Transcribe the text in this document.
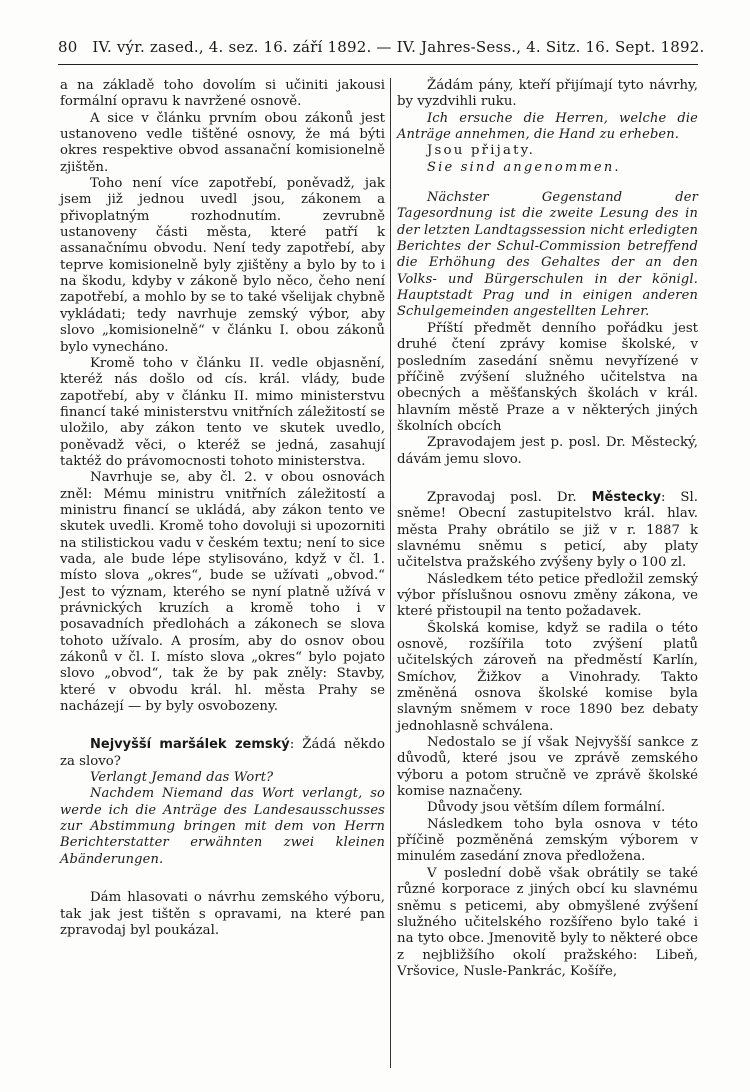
80 IV. výr. zased., 4. sez. 16. září 1892. — IV. Jahres-Sess., 4. Sitz. 16. Sept. 1892.

a na základě toho dovolím si učiniti jakousi formální opravu k navržené osnově.

A sice v článku prvním obou zákonů jest ustanoveno vedle tištěné osnovy, že má býti okres respektive obvod assanační komisionelně zjištěn.

Toho není více zapotřebí, poněvadž, jak jsem již jednou uvedl jsou, zákonem a přivoplatným rozhodnutím. zevrubně ustanoveny části města, které patří k assanačnímu obvodu. Není tedy zapotřebí, aby teprve komisionelně byly zjištěny a bylo by to i na škodu, kdyby v zákoně bylo něco, čeho není zapotřebí, a mohlo by se to také všelijak chybně vykládati; tedy navrhuje zemský výbor, aby slovo „komisionelně“ v článku I. obou zákonů bylo vynecháno.

Kromě toho v článku II. vedle objasnění, kteréž nás došlo od cís. král. vlády, bude zapotřebí, aby v článku II. mimo ministerstvu financí také ministerstvu vnitřních záležitostí se uložilo, aby zákon tento ve skutek uvedlo, poněvadž věci, o kteréž se jedná, zasahují taktéž do právomocnosti tohoto ministerstva.

Navrhuje se, aby čl. 2. v obou osnovách zněl: Mému ministru vnitřních záležitostí a ministru financí se ukládá, aby zákon tento ve skutek uvedli. Kromě toho dovoluji si upozorniti na stilistickou vadu v českém textu; není to sice vada, ale bude lépe stylisováno, když v čl. 1. místo slova „okres“, bude se užívati „obvod.“ Jest to význam, kterého se nyní platně užívá v právnických kruzích a kromě toho i v posavadních předlohách a zákonech se slova tohoto užívalo. A prosím, aby do osnov obou zákonů v čl. I. místo slova „okres“ bylo pojato slovo „obvod“, tak že by pak zněly: Stavby, které v obvodu král. hl. města Prahy se nacházejí — by byly osvobozeny.

Nejvyšší maršálek zemský: Žádá někdo za slovo?

Verlangt Jemand das Wort?

Nachdem Niemand das Wort verlangt, so werde ich die Anträge des Landesausschusses zur Abstimmung bringen mit dem von Herrn Berichterstatter erwähnten zwei kleinen Abänderungen.

Dám hlasovati o návrhu zemského výboru, tak jak jest tištěn s opravami, na které pan zpravodaj byl poukázal.

Žádám pány, kteří přijímají tyto návrhy, by vyzdvihli ruku.

Ich ersuche die Herren, welche die Anträge annehmen, die Hand zu erheben.

Jsou přijaty.

Sie sind angenommen.

Nächster Gegenstand der Tagesordnung ist die zweite Lesung des in der letzten Landtagssession nicht erledigten Berichtes der Schul-Commission betreffend die Erhöhung des Gehaltes der an den Volks- und Bürgerschulen in der königl. Hauptstadt Prag und in einigen anderen Schulgemeinden angestellten Lehrer.

Příští předmět denního pořádku jest druhé čtení zprávy komise školské, v posledním zasedání sněmu nevyřízené v příčině zvýšení služného učitelstva na obecných a měšťanských školách v král. hlavním městě Praze a v některých jiných školních obcích

Zpravodajem jest p. posl. Dr. Městecký, dávám jemu slovo.

Zpravodaj posl. Dr. Městecky: Sl. sněme! Obecní zastupitelstvo král. hlav. města Prahy obrátilo se již v r. 1887 k slavnému sněmu s peticí, aby platy učitelstva pražského zvýšeny byly o 100 zl.

Následkem této petice předložil zemský výbor příslušnou osnovu změny zákona, ve které přistoupil na tento požadavek.

Školská komise, když se radila o této osnově, rozšířila toto zvýšení platů učitelských zároveň na předměstí Karlín, Smíchov, Žižkov a Vinohrady. Takto změněná osnova školské komise byla slavným sněmem v roce 1890 bez debaty jednohlasně schválena.

Nedostalo se jí však Nejvyšší sankce z důvodů, které jsou ve zprávě zemského výboru a potom stručně ve zprávě školské komise naznačeny.

Důvody jsou větším dílem formální.

Následkem toho byla osnova v této příčině pozměněná zemským výborem v minulém zasedání znova předložena.

V poslední době však obrátily se také různé korporace z jiných obcí ku slavnému sněmu s peticemi, aby obmyšlené zvýšení služného učitelského rozšířeno bylo také i na tyto obce. Jmenovitě byly to některé obce z nejbližšího okolí pražského: Libeň, Vršovice, Nusle-Pankrác, Košíře,
